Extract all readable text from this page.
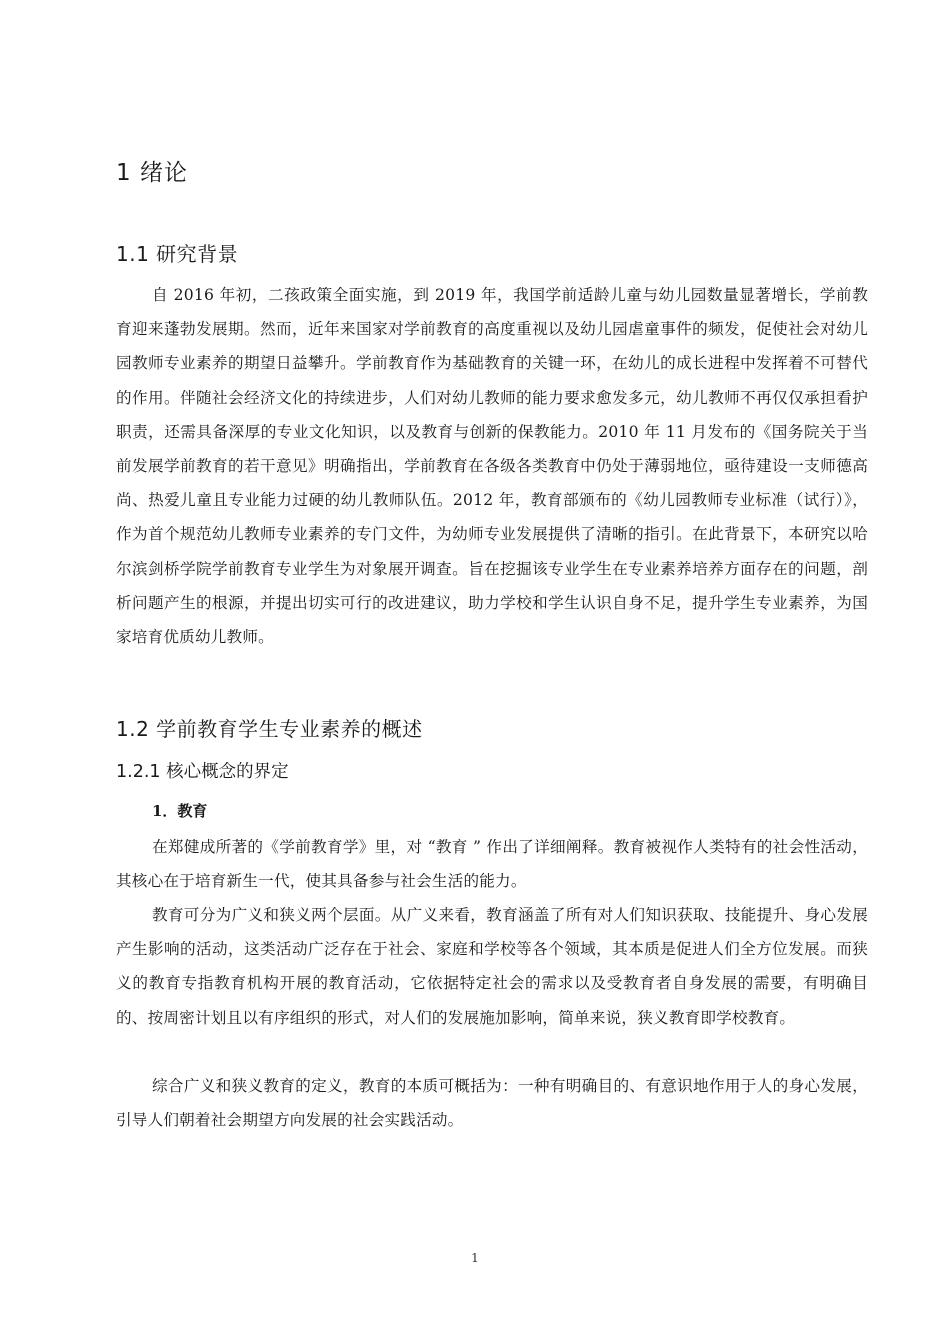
1 绪论
1.1 研究背景

自 2016 年初，二孩政策全面实施，到 2019 年，我国学前适龄儿童与幼儿园数量显著增长，学前教育迎来蓬勃发展期。然而，近年来国家对学前教育的高度重视以及幼儿园虐童事件的频发，促使社会对幼儿园教师专业素养的期望日益攀升。学前教育作为基础教育的关键一环，在幼儿的成长进程中发挥着不可替代的作用。伴随社会经济文化的持续进步，人们对幼儿教师的能力要求愈发多元，幼儿教师不再仅仅承担看护职责，还需具备深厚的专业文化知识，以及教育与创新的保教能力。2010 年 11 月发布的《国务院关于当前发展学前教育的若干意见》明确指出，学前教育在各级各类教育中仍处于薄弱地位，亟待建设一支师德高尚、热爱儿童且专业能力过硬的幼儿教师队伍。2012 年，教育部颁布的《幼儿园教师专业标准（试行）》，作为首个规范幼儿教师专业素养的专门文件，为幼师专业发展提供了清晰的指引。在此背景下，本研究以哈尔滨剑桥学院学前教育专业学生为对象展开调查。旨在挖掘该专业学生在专业素养培养方面存在的问题，剖析问题产生的根源，并提出切实可行的改进建议，助力学校和学生认识自身不足，提升学生专业素养，为国家培育优质幼儿教师。

1.2 学前教育学生专业素养的概述
1.2.1 核心概念的界定
1．教育

在郑健成所著的《学前教育学》里，对 “教育 ” 作出了详细阐释。教育被视作人类特有的社会性活动，其核心在于培育新生一代，使其具备参与社会生活的能力。

教育可分为广义和狭义两个层面。从广义来看，教育涵盖了所有对人们知识获取、技能提升、身心发展产生影响的活动，这类活动广泛存在于社会、家庭和学校等各个领域，其本质是促进人们全方位发展。而狭义的教育专指教育机构开展的教育活动，它依据特定社会的需求以及受教育者自身发展的需要，有明确目的、按周密计划且以有序组织的形式，对人们的发展施加影响，简单来说，狭义教育即学校教育。

综合广义和狭义教育的定义，教育的本质可概括为：一种有明确目的、有意识地作用于人的身心发展，引导人们朝着社会期望方向发展的社会实践活动。

1
